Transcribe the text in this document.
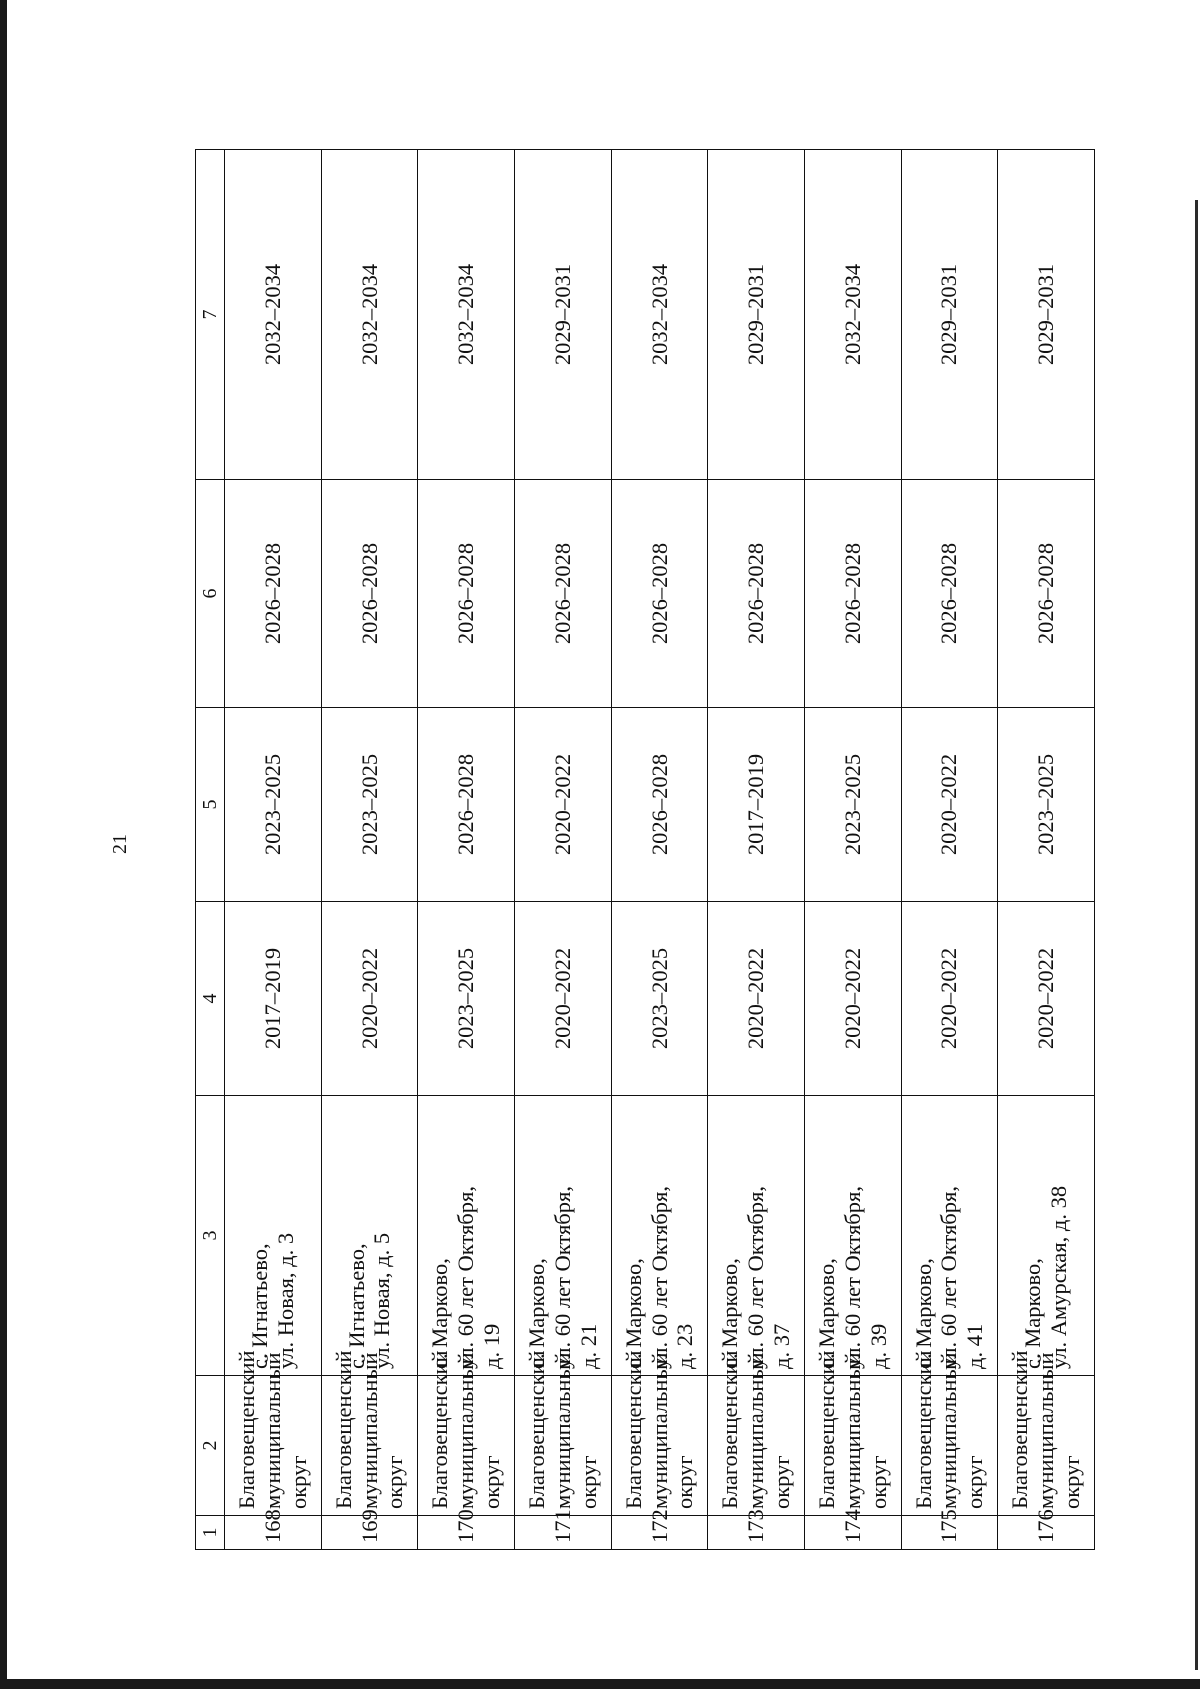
21
1	2	3	4	5	6	7
168	Благовещенский муниципальный округ	с. Игнатьево, ул. Новая, д. 3	2017–2019	2023–2025	2026–2028	2032–2034
169	Благовещенский муниципальный округ	с. Игнатьево, ул. Новая, д. 5	2020–2022	2023–2025	2026–2028	2032–2034
170	Благовещенский муниципальный округ	с. Марково, ул. 60 лет Октября, д. 19	2023–2025	2026–2028	2026–2028	2032–2034
171	Благовещенский муниципальный округ	с. Марково, ул. 60 лет Октября, д. 21	2020–2022	2020–2022	2026–2028	2029–2031
172	Благовещенский муниципальный округ	с. Марково, ул. 60 лет Октября, д. 23	2023–2025	2026–2028	2026–2028	2032–2034
173	Благовещенский муниципальный округ	с. Марково, ул. 60 лет Октября, д. 37	2020–2022	2017–2019	2026–2028	2029–2031
174	Благовещенский муниципальный округ	с. Марково, ул. 60 лет Октября, д. 39	2020–2022	2023–2025	2026–2028	2032–2034
175	Благовещенский муниципальный округ	с. Марково, ул. 60 лет Октября, д. 41	2020–2022	2020–2022	2026–2028	2029–2031
176	Благовещенский муниципальный округ	с. Марково, ул. Амурская, д. 38	2020–2022	2023–2025	2026–2028	2029–2031
